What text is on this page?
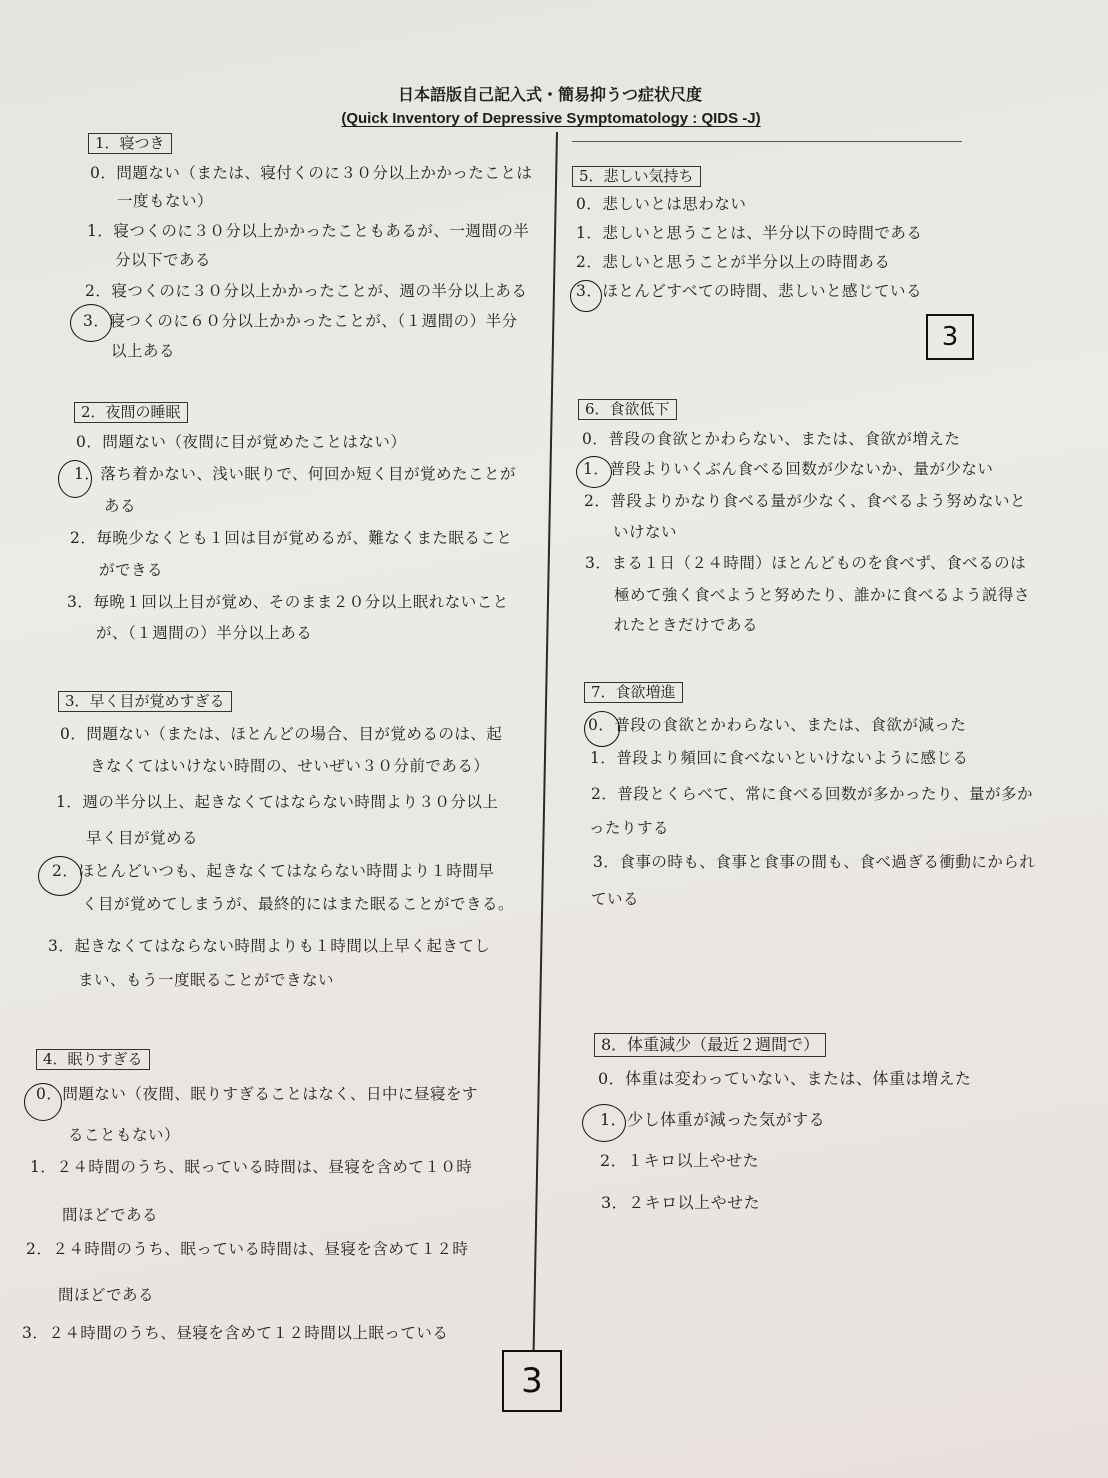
日本語版自己記入式・簡易抑うつ症状尺度
(Quick Inventory of Depressive Symptomatology : QIDS -J)
1．寝つき
0．問題ない（または、寝付くのに３０分以上かかったことは
一度もない）
1．寝つくのに３０分以上かかったこともあるが、一週間の半
分以下である
2．寝つくのに３０分以上かかったことが、週の半分以上ある
3．寝つくのに６０分以上かかったことが、（１週間の）半分
以上ある
2．夜間の睡眠
0．問題ない（夜間に目が覚めたことはない）
1．落ち着かない、浅い眠りで、何回か短く目が覚めたことが
ある
2．毎晩少なくとも１回は目が覚めるが、難なくまた眠ること
ができる
3．毎晩１回以上目が覚め、そのまま２０分以上眠れないこと
が、（１週間の）半分以上ある
3．早く目が覚めすぎる
0．問題ない（または、ほとんどの場合、目が覚めるのは、起
きなくてはいけない時間の、せいぜい３０分前である）
1．週の半分以上、起きなくてはならない時間より３０分以上
早く目が覚める
2．ほとんどいつも、起きなくてはならない時間より１時間早
く目が覚めてしまうが、最終的にはまた眠ることができる。
3．起きなくてはならない時間よりも１時間以上早く起きてし
まい、もう一度眠ることができない
4．眠りすぎる
0．問題ない（夜間、眠りすぎることはなく、日中に昼寝をす
ることもない）
1．２４時間のうち、眠っている時間は、昼寝を含めて１０時
間ほどである
2．２４時間のうち、眠っている時間は、昼寝を含めて１２時
間ほどである
3．２４時間のうち、昼寝を含めて１２時間以上眠っている
3
5．悲しい気持ち
0．悲しいとは思わない
1．悲しいと思うことは、半分以下の時間である
2．悲しいと思うことが半分以上の時間ある
3．ほとんどすべての時間、悲しいと感じている
3
6．食欲低下
0．普段の食欲とかわらない、または、食欲が増えた
1．普段よりいくぶん食べる回数が少ないか、量が少ない
2．普段よりかなり食べる量が少なく、食べるよう努めないと
いけない
3．まる１日（２４時間）ほとんどものを食べず、食べるのは
極めて強く食べようと努めたり、誰かに食べるよう説得さ
れたときだけである
7．食欲増進
0．普段の食欲とかわらない、または、食欲が減った
1．普段より頻回に食べないといけないように感じる
2．普段とくらべて、常に食べる回数が多かったり、量が多か
ったりする
3．食事の時も、食事と食事の間も、食べ過ぎる衝動にかられ
ている
8．体重減少（最近２週間で）
0．体重は変わっていない、または、体重は増えた
1．少し体重が減った気がする
2．１キロ以上やせた
3．２キロ以上やせた
